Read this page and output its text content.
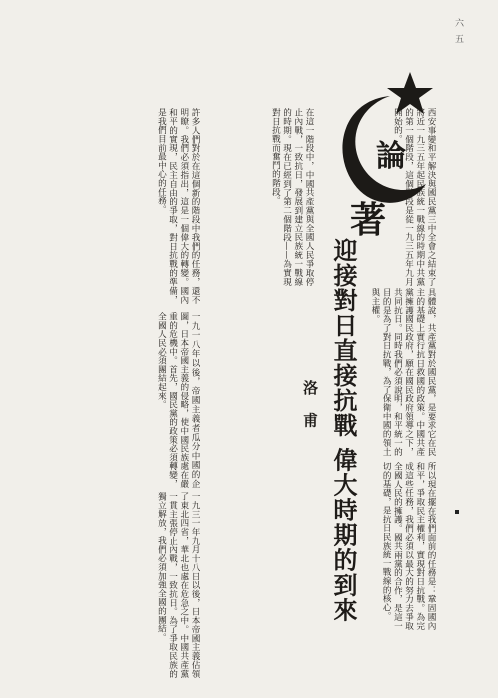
六 五
論
著
迎接對日直接抗戰 偉大時期的到來
洛 甫
西安事變和平解決與國民黨三中全會之結束了將近一九三五年起民族統一戰線的時期中共黨的第一個階段，這個階段是從一九三五年九月開始的。
在這一階段中，中國共產黨與全國人民爭取停止內戰，一致抗日，發展到建立民族統一戰線的時期。現在已經到了第二個階段——為實現對日抗戰而奮鬥的階段。
許多人們對於在這個新的階段中我們的任務，還不明瞭。我們必須指出，這是一個偉大的轉變。國內和平的實現，民主自由的爭取，對日抗戰的準備，是我們目前最中心的任務。
一九一八年以後，帝國主義者瓜分中國的企圖，日本帝國主義的侵略，使中國民族處在嚴重的危機中。首先，國民黨的政策必須轉變，全國人民必須團結起來。
一九三一年九月十八日以後，日本帝國主義佔領了東北四省，華北也處在危急之中。中國共產黨一貫主張停止內戰，一致抗日。為了爭取民族的獨立解放，我們必須加強全國的團結。
具體說，共產黨對於國民黨，是要求它在民主的基礎上實行抗日救國的政策。中國共產黨擁護國民政府，願在國民政府領導之下，共同抗日。同時我們必須說明，和平統一的目的是為了對日抗戰，為了保衛中國的領土與主權。
所以現在擺在我們面前的任務是：鞏固國內和平，爭取民主權利，實現對日抗戰。為完成這些任務，我們必須以最大的努力去爭取全國人民的擁護。國共兩黨的合作，是這一切的基礎，是抗日民族統一戰線的核心。
